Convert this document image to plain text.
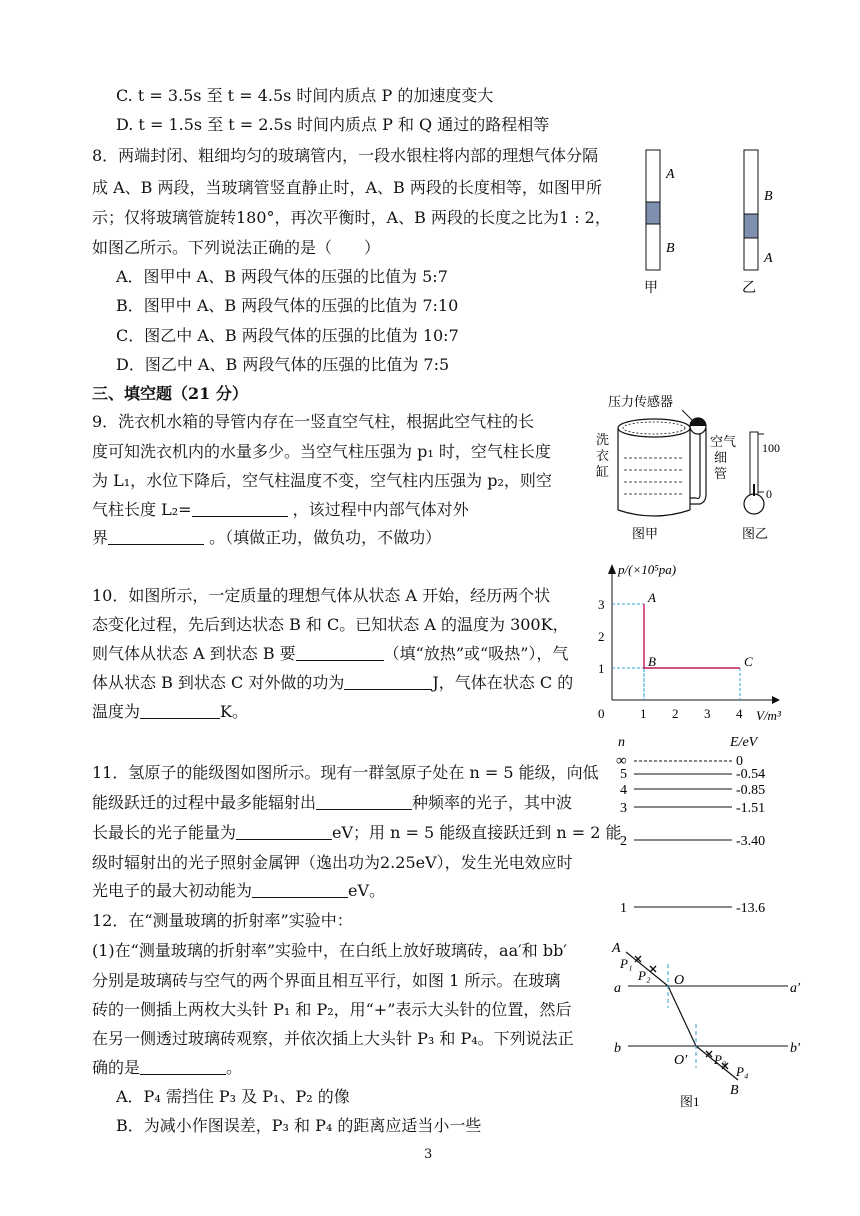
C. t = 3.5s 至 t = 4.5s 时间内质点 P 的加速度变大
D. t = 1.5s 至 t = 2.5s 时间内质点 P 和 Q 通过的路程相等
8．两端封闭、粗细均匀的玻璃管内，一段水银柱将内部的理想气体分隔
成 A、B 两段，当玻璃管竖直静止时，A、B 两段的长度相等，如图甲所
示；仅将玻璃管旋转180°，再次平衡时，A、B 两段的长度之比为1 : 2，
如图乙所示。下列说法正确的是（　　）
A．图甲中 A、B 两段气体的压强的比值为 5:7
B．图甲中 A、B 两段气体的压强的比值为 7:10
C．图乙中 A、B 两段气体的压强的比值为 10:7
D．图乙中 A、B 两段气体的压强的比值为 7:5
A
B
甲
B
A
乙
三、填空题（21 分）
9．洗衣机水箱的导管内存在一竖直空气柱，根据此空气柱的长
度可知洗衣机内的水量多少。当空气柱压强为 p₁ 时，空气柱长度
为 L₁，水位下降后，空气柱温度不变，空气柱内压强为 p₂，则空
气柱长度 L₂=	，该过程中内部气体对外
界	。（填做正功，做负功，不做功）
压力传感器
洗
衣
缸
空气
细
管
100
0
图甲	图乙
10．如图所示，一定质量的理想气体从状态 A 开始，经历两个状
态变化过程，先后到达状态 B 和 C。已知状态 A 的温度为 300K，
则气体从状态 A 到状态 B 要	（填“放热”或“吸热”），气
体从状态 B 到状态 C 对外做的功为	J，气体在状态 C 的
温度为	K。
p/(×10⁵pa)
V/m³
0	1 2 3 4
1
2
3	A
B	C
11．氢原子的能级图如图所示。现有一群氢原子处在 n = 5 能级，向低
能级跃迁的过程中最多能辐射出	种频率的光子，其中波
长最长的光子能量为	eV；用 n = 5 能级直接跃迁到 n = 2 能
级时辐射出的光子照射金属钾（逸出功为2.25eV），发生光电效应时
光电子的最大初动能为	eV。
n	E/eV
∞	0
5	-0.54
4	-0.85
3	-1.51
2	-3.40
1	-13.6
12．在“测量玻璃的折射率”实验中：
(1)在“测量玻璃的折射率”实验中，在白纸上放好玻璃砖，aa′和 bb′
分别是玻璃砖与空气的两个界面且相互平行，如图 1 所示。在玻璃
砖的一侧插上两枚大头针 P₁ 和 P₂，用“+”表示大头针的位置，然后
在另一侧透过玻璃砖观察，并依次插上大头针 P₃ 和 P₄。下列说法正
确的是	。
A．P₄ 需挡住 P₃ 及 P₁、P₂ 的像
B．为减小作图误差，P₃ 和 P₄ 的距离应适当小一些
A
P₁
P₂ O
a	a′
b	b′
O′ P₃
P₄
B
图1
3
